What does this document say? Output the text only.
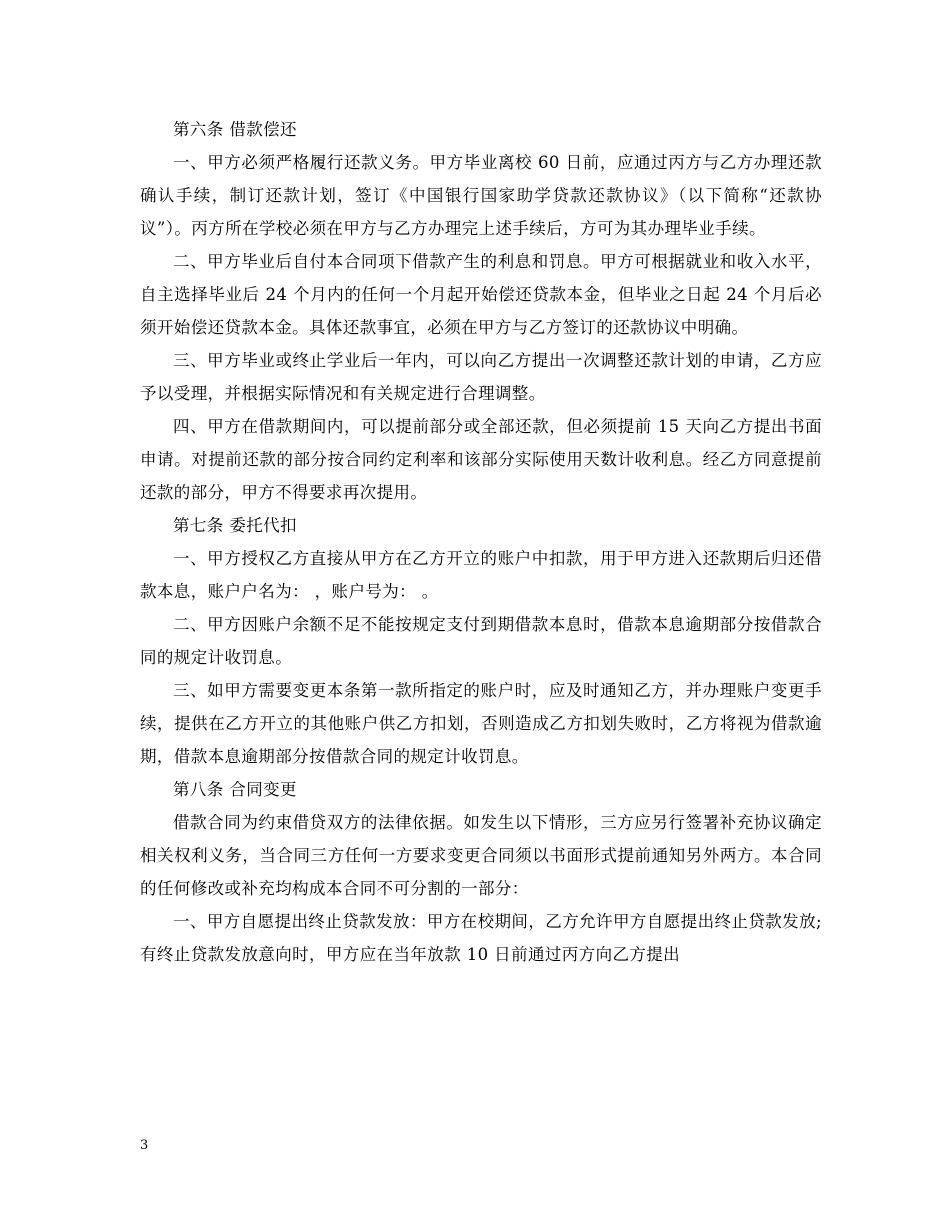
第六条 借款偿还

一、甲方必须严格履行还款义务。甲方毕业离校 60 日前，应通过丙方与乙方办理还款确认手续，制订还款计划，签订《中国银行国家助学贷款还款协议》（以下简称“还款协议”）。丙方所在学校必须在甲方与乙方办理完上述手续后，方可为其办理毕业手续。

二、甲方毕业后自付本合同项下借款产生的利息和罚息。甲方可根据就业和收入水平，自主选择毕业后 24 个月内的任何一个月起开始偿还贷款本金，但毕业之日起 24 个月后必须开始偿还贷款本金。具体还款事宜，必须在甲方与乙方签订的还款协议中明确。

三、甲方毕业或终止学业后一年内，可以向乙方提出一次调整还款计划的申请，乙方应予以受理，并根据实际情况和有关规定进行合理调整。

四、甲方在借款期间内，可以提前部分或全部还款，但必须提前 15 天向乙方提出书面申请。对提前还款的部分按合同约定利率和该部分实际使用天数计收利息。经乙方同意提前还款的部分，甲方不得要求再次提用。

第七条 委托代扣

一、甲方授权乙方直接从甲方在乙方开立的账户中扣款，用于甲方进入还款期后归还借款本息，账户户名为： ，账户号为： 。

二、甲方因账户余额不足不能按规定支付到期借款本息时，借款本息逾期部分按借款合同的规定计收罚息。

三、如甲方需要变更本条第一款所指定的账户时，应及时通知乙方，并办理账户变更手续，提供在乙方开立的其他账户供乙方扣划，否则造成乙方扣划失败时，乙方将视为借款逾期，借款本息逾期部分按借款合同的规定计收罚息。

第八条 合同变更

借款合同为约束借贷双方的法律依据。如发生以下情形，三方应另行签署补充协议确定相关权利义务，当合同三方任何一方要求变更合同须以书面形式提前通知另外两方。本合同的任何修改或补充均构成本合同不可分割的一部分：

一、甲方自愿提出终止贷款发放：甲方在校期间，乙方允许甲方自愿提出终止贷款发放;有终止贷款发放意向时，甲方应在当年放款 10 日前通过丙方向乙方提出

3
